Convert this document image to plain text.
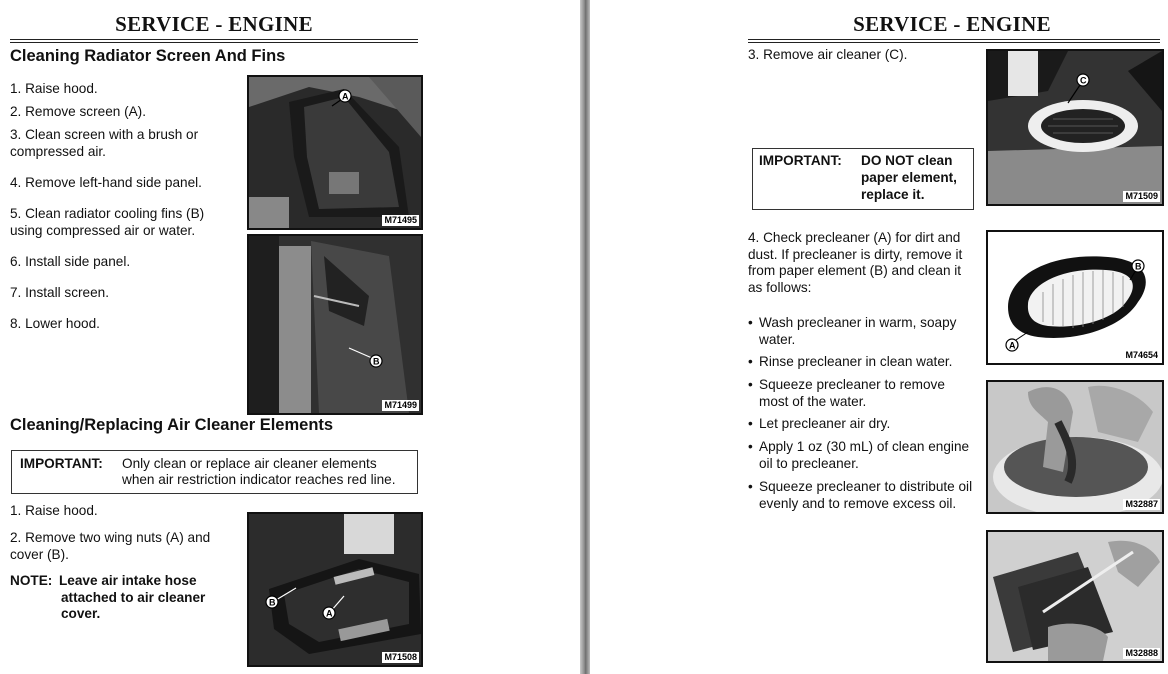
SERVICE - ENGINE
Cleaning Radiator Screen And Fins
1. Raise hood.
2. Remove screen (A).
3. Clean screen with a brush or
compressed air.
4. Remove left-hand side panel.
5. Clean radiator cooling fins (B)
using compressed air or water.
6. Install side panel.
7. Install screen.
8. Lower hood.
A
M71495
B
M71499
Cleaning/Replacing Air Cleaner Elements
IMPORTANT: Only clean or replace air cleaner elements
when air restriction indicator reaches red line.
1. Raise hood.
2. Remove two wing nuts (A) and
cover (B).
NOTE: Leave air intake hose
attached to air cleaner
cover.
B
A
M71508
SERVICE - ENGINE
3. Remove air cleaner (C).
IMPORTANT: DO NOT clean
paper element,
replace it.
4. Check precleaner (A) for dirt and
dust. If precleaner is dirty, remove it
from paper element (B) and clean it
as follows:
• Wash precleaner in warm, soapy
water.
• Rinse precleaner in clean water.
• Squeeze precleaner to remove
most of the water.
• Let precleaner air dry.
• Apply 1 oz (30 mL) of clean engine
oil to precleaner.
• Squeeze precleaner to distribute oil
evenly and to remove excess oil.
C
M71509
B
A
M74654
M32887
M32888
